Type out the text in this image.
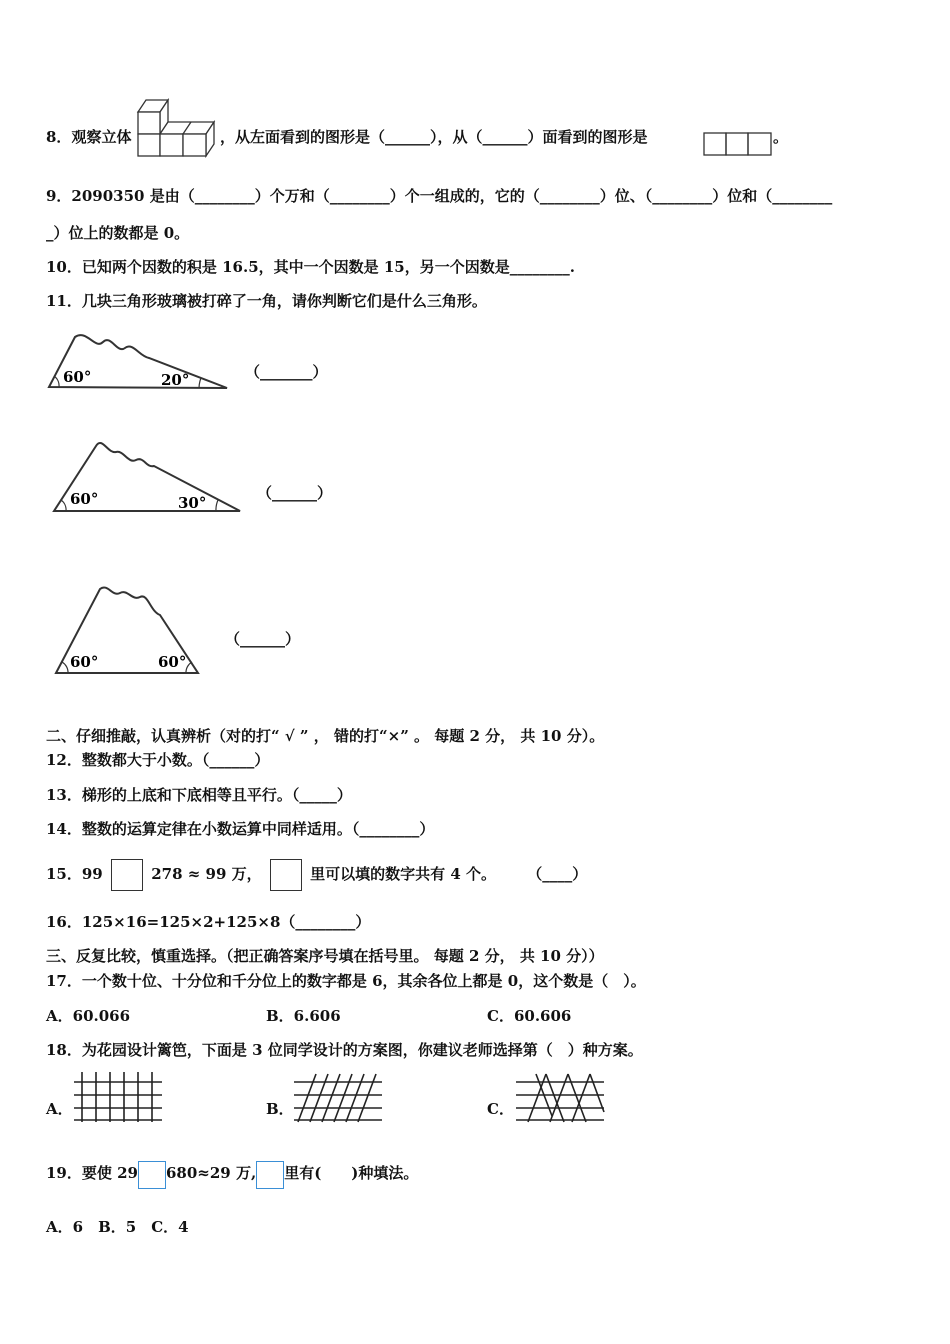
8．观察立体	，从左面看到的图形是（______），从（______）面看到的图形是	。
9．2090350 是由（________）个万和（________）个一组成的，它的（________）位、（________）位和（________
_）位上的数都是 0。
10．已知两个因数的积是 16.5，其中一个因数是 15，另一个因数是________.
11．几块三角形玻璃被打碎了一角，请你判断它们是什么三角形。
60°	20°	（_______）
60°	30°
（______）
60°	60°
（______）
二、仔细推敲，认真辨析（对的打“ √ ” ， 错的打“×” 。 每题 2 分， 共 10 分）。
12．整数都大于小数。（______）
13．梯形的上底和下底相等且平行。（_____）
14．整数的运算定律在小数运算中同样适用。（________）
15．99	278 ≈ 99 万，	里可以填的数字共有 4 个。 （____）
16．125×16=125×2+125×8（________）
三、反复比较，慎重选择。（把正确答案序号填在括号里。 每题 2 分， 共 10 分））
17．一个数十位、十分位和千分位上的数字都是 6，其余各位上都是 0，这个数是（　）。
A．60.066	B．6.606	C．60.606
18．为花园设计篱笆，下面是 3 位同学设计的方案图，你建议老师选择第（　）种方案。
A．	B．	C．
19．要使 29 680≈29 万, 里有(　　)种填法。
A．6　B．5　C．4
